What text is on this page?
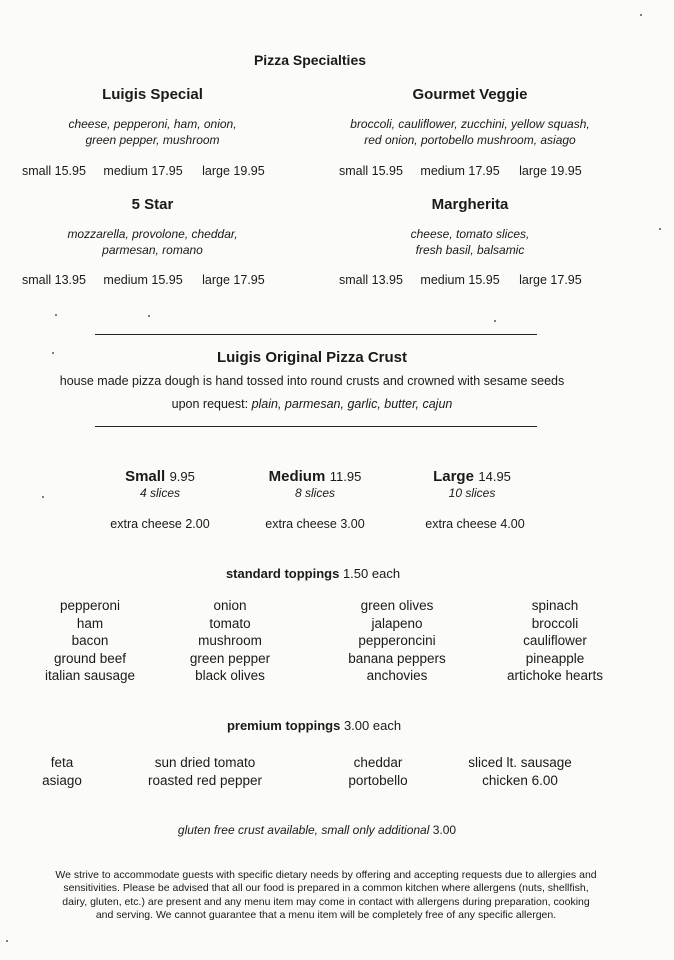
Pizza Specialties
Luigis Special
cheese, pepperoni, ham, onion,
green pepper, mushroom
small 15.95 medium 17.95 large 19.95
Gourmet Veggie
broccoli, cauliflower, zucchini, yellow squash,
red onion, portobello mushroom, asiago
small 15.95 medium 17.95 large 19.95
5 Star
mozzarella, provolone, cheddar,
parmesan, romano
small 13.95 medium 15.95 large 17.95
Margherita
cheese, tomato slices,
fresh basil, balsamic
small 13.95 medium 15.95 large 17.95
Luigis Original Pizza Crust
house made pizza dough is hand tossed into round crusts and crowned with sesame seeds
upon request: plain, parmesan, garlic, butter, cajun
Small 9.95
4 slices
Medium 11.95
8 slices
Large 14.95
10 slices
extra cheese 2.00	extra cheese 3.00	extra cheese 4.00
standard toppings 1.50 each
pepperoni
ham
bacon
ground beef
italian sausage
onion
tomato
mushroom
green pepper
black olives
green olives
jalapeno
pepperoncini
banana peppers
anchovies
spinach
broccoli
cauliflower
pineapple
artichoke hearts
premium toppings 3.00 each
feta
asiago
sun dried tomato
roasted red pepper
cheddar
portobello
sliced lt. sausage
chicken 6.00
gluten free crust available, small only additional 3.00
We strive to accommodate guests with specific dietary needs by offering and accepting requests due to allergies and
sensitivities. Please be advised that all our food is prepared in a common kitchen where allergens (nuts, shellfish,
dairy, gluten, etc.) are present and any menu item may come in contact with allergens during preparation, cooking
and serving. We cannot guarantee that a menu item will be completely free of any specific allergen.
